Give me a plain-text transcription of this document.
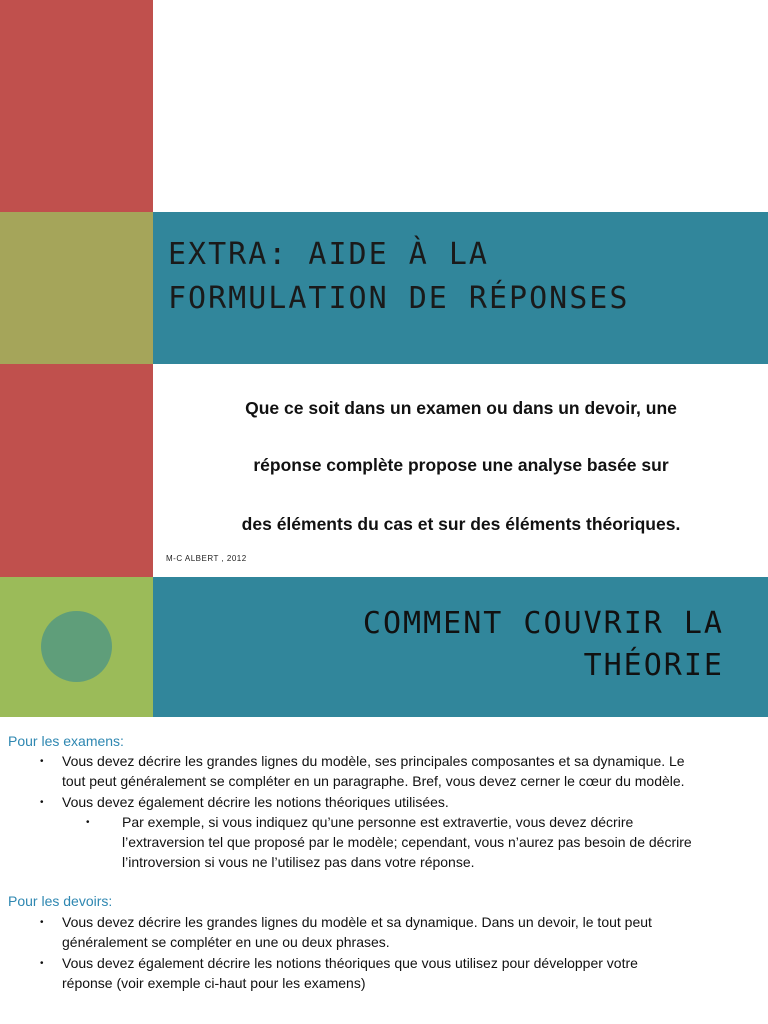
EXTRA: AIDE À LA
FORMULATION DE RÉPONSES
Que ce soit dans un examen ou dans un devoir, une
réponse complète propose une analyse basée sur
des éléments du cas et sur des éléments théoriques.
M-C ALBERT , 2012
COMMENT COUVRIR LA
THÉORIE
Pour les examens:
• Vous devez décrire les grandes lignes du modèle, ses principales composantes et sa dynamique. Le
tout peut généralement se compléter en un paragraphe. Bref, vous devez cerner le cœur du modèle.
• Vous devez également décrire les notions théoriques utilisées.
• Par exemple, si vous indiquez qu’une personne est extravertie, vous devez décrire
l’extraversion tel que proposé par le modèle; cependant, vous n’aurez pas besoin de décrire
l’introversion si vous ne l’utilisez pas dans votre réponse.
Pour les devoirs:
• Vous devez décrire les grandes lignes du modèle et sa dynamique. Dans un devoir, le tout peut
généralement se compléter en une ou deux phrases.
• Vous devez également décrire les notions théoriques que vous utilisez pour développer votre
réponse (voir exemple ci-haut pour les examens)
